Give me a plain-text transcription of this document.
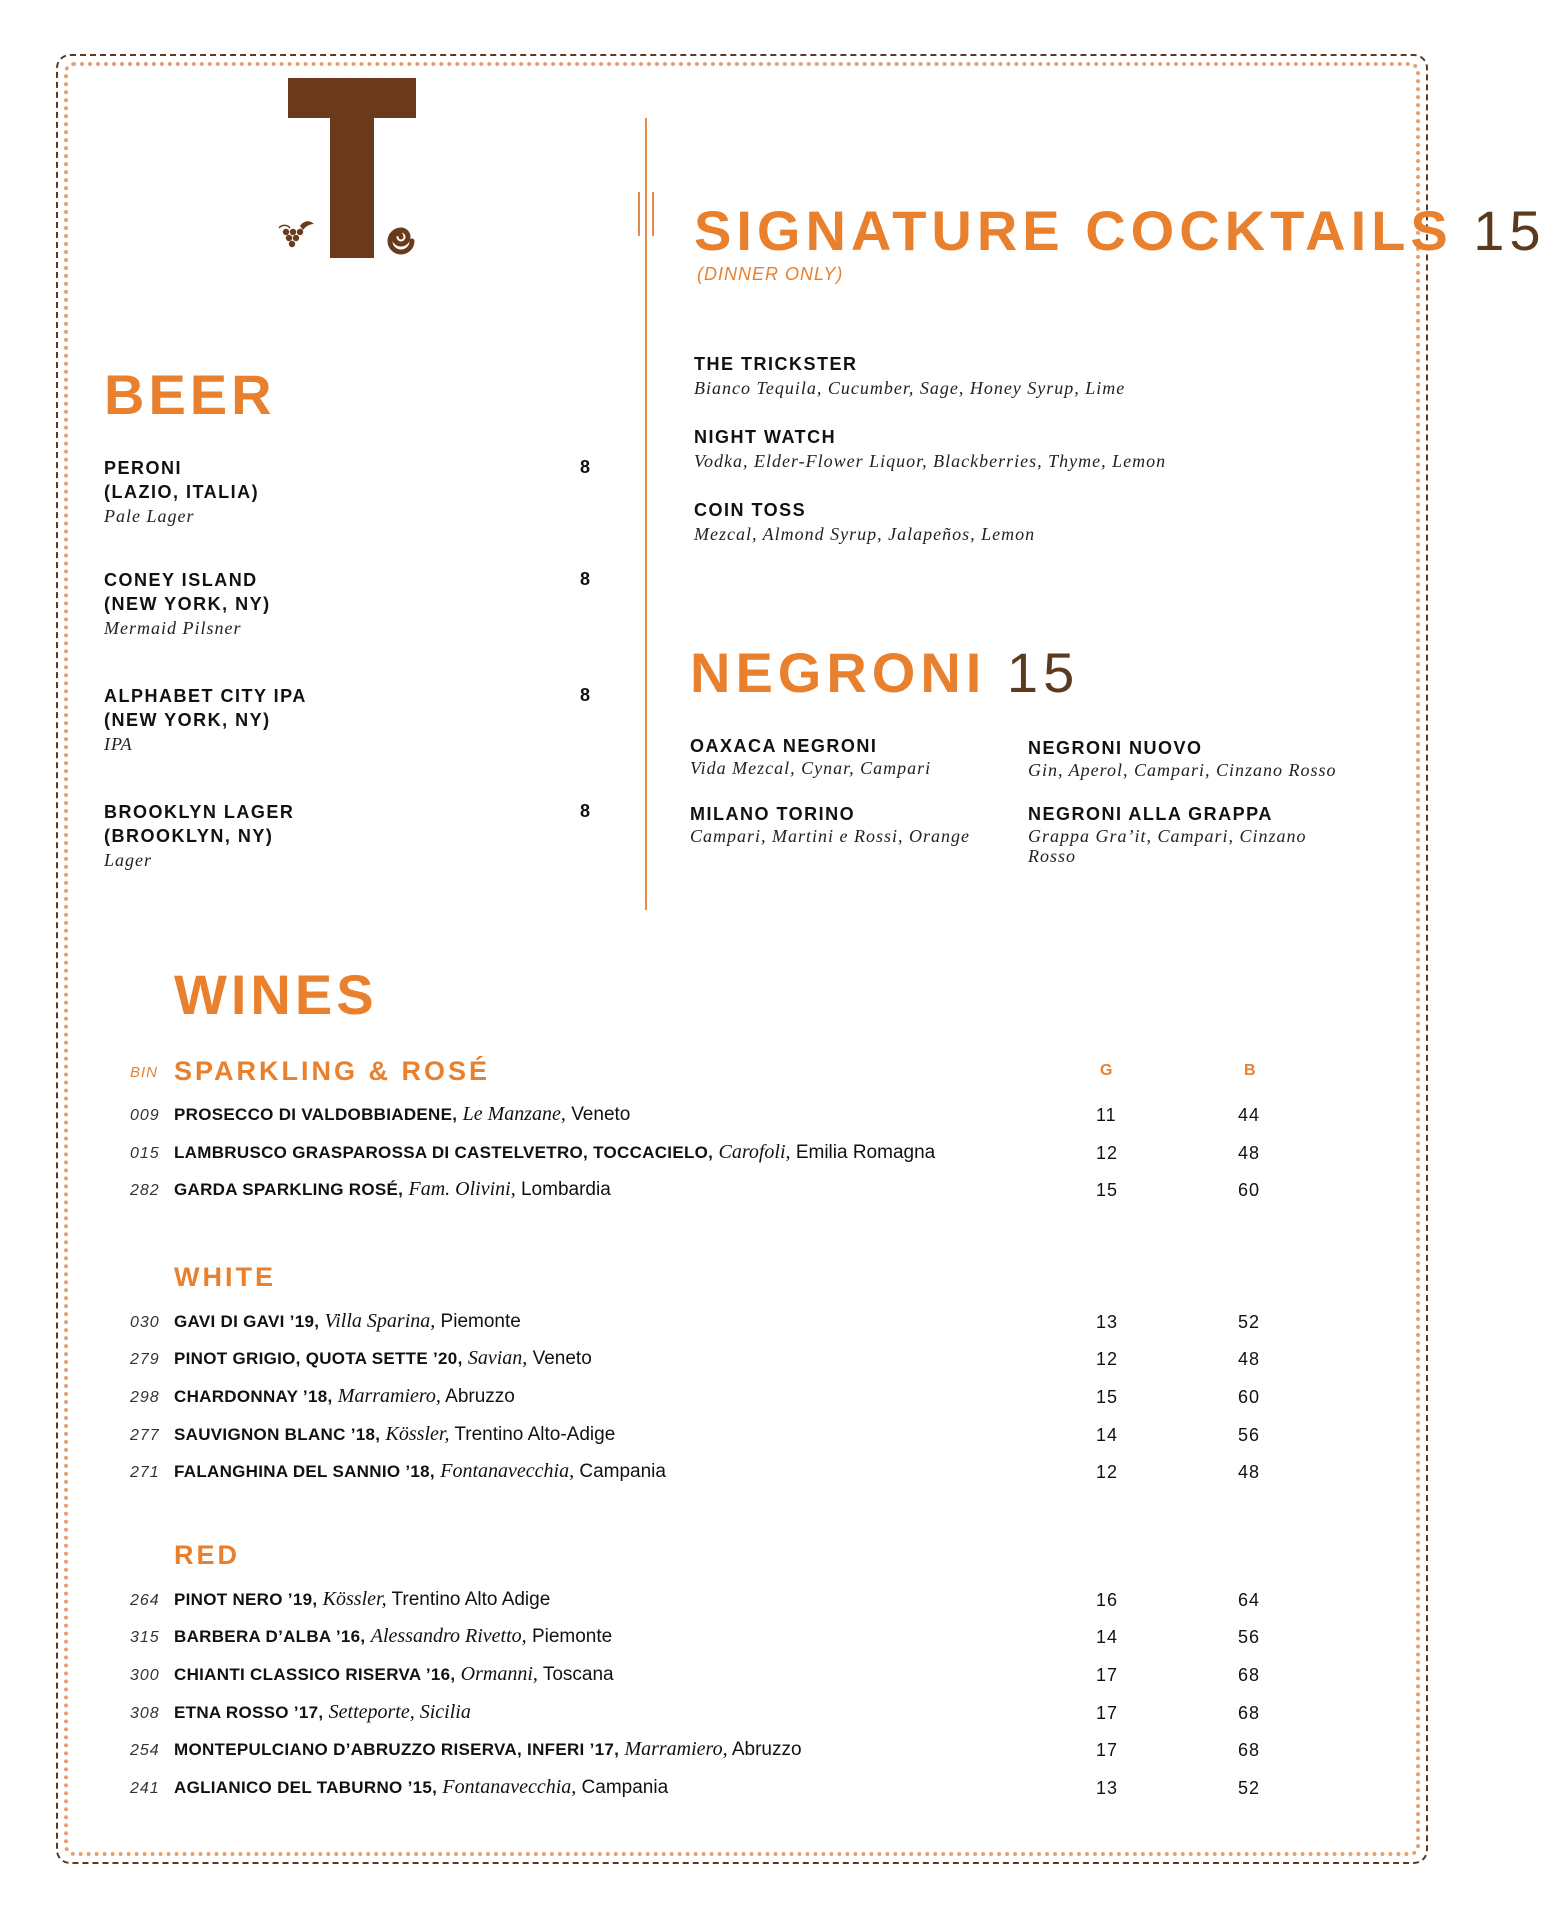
BEER
PERONI
(LAZIO, ITALIA)
Pale Lager
8
CONEY ISLAND
(NEW YORK, NY)
Mermaid Pilsner
8
ALPHABET CITY IPA
(NEW YORK, NY)
IPA
8
BROOKLYN LAGER
(BROOKLYN, NY)
Lager
8
SIGNATURE COCKTAILS 15
(DINNER ONLY)
THE TRICKSTER
Bianco Tequila, Cucumber, Sage, Honey Syrup, Lime
NIGHT WATCH
Vodka, Elder-Flower Liquor, Blackberries, Thyme, Lemon
COIN TOSS
Mezcal, Almond Syrup, Jalapeños, Lemon
NEGRONI 15
OAXACA NEGRONI
Vida Mezcal, Cynar, Campari
NEGRONI NUOVO
Gin, Aperol, Campari, Cinzano Rosso
MILANO TORINO
Campari, Martini e Rossi, Orange
NEGRONI ALLA GRAPPA
Grappa Gra’it, Campari, Cinzano Rosso
WINES
BIN SPARKLING & ROSÉ	G	B
009 PROSECCO DI VALDOBBIADENE, Le Manzane, Veneto	11	44
015 LAMBRUSCO GRASPAROSSA DI CASTELVETRO, TOCCACIELO, Carofoli, Emilia Romagna	12	48
282 GARDA SPARKLING ROSÉ, Fam. Olivini, Lombardia	15	60
WHITE
030 GAVI DI GAVI ’19, Villa Sparina, Piemonte	13	52
279 PINOT GRIGIO, QUOTA SETTE ’20, Savian, Veneto	12	48
298 CHARDONNAY ’18, Marramiero, Abruzzo	15	60
277 SAUVIGNON BLANC ’18, Kössler, Trentino Alto-Adige	14	56
271 FALANGHINA DEL SANNIO ’18, Fontanavecchia, Campania	12	48
RED
264 PINOT NERO ’19, Kössler, Trentino Alto Adige	16	64
315 BARBERA D’ALBA ’16, Alessandro Rivetto, Piemonte	14	56
300 CHIANTI CLASSICO RISERVA ’16, Ormanni, Toscana	17	68
308 ETNA ROSSO ’17, Setteporte, Sicilia	17	68
254 MONTEPULCIANO D’ABRUZZO RISERVA, INFERI ’17, Marramiero, Abruzzo	17	68
241 AGLIANICO DEL TABURNO ’15, Fontanavecchia, Campania	13	52
